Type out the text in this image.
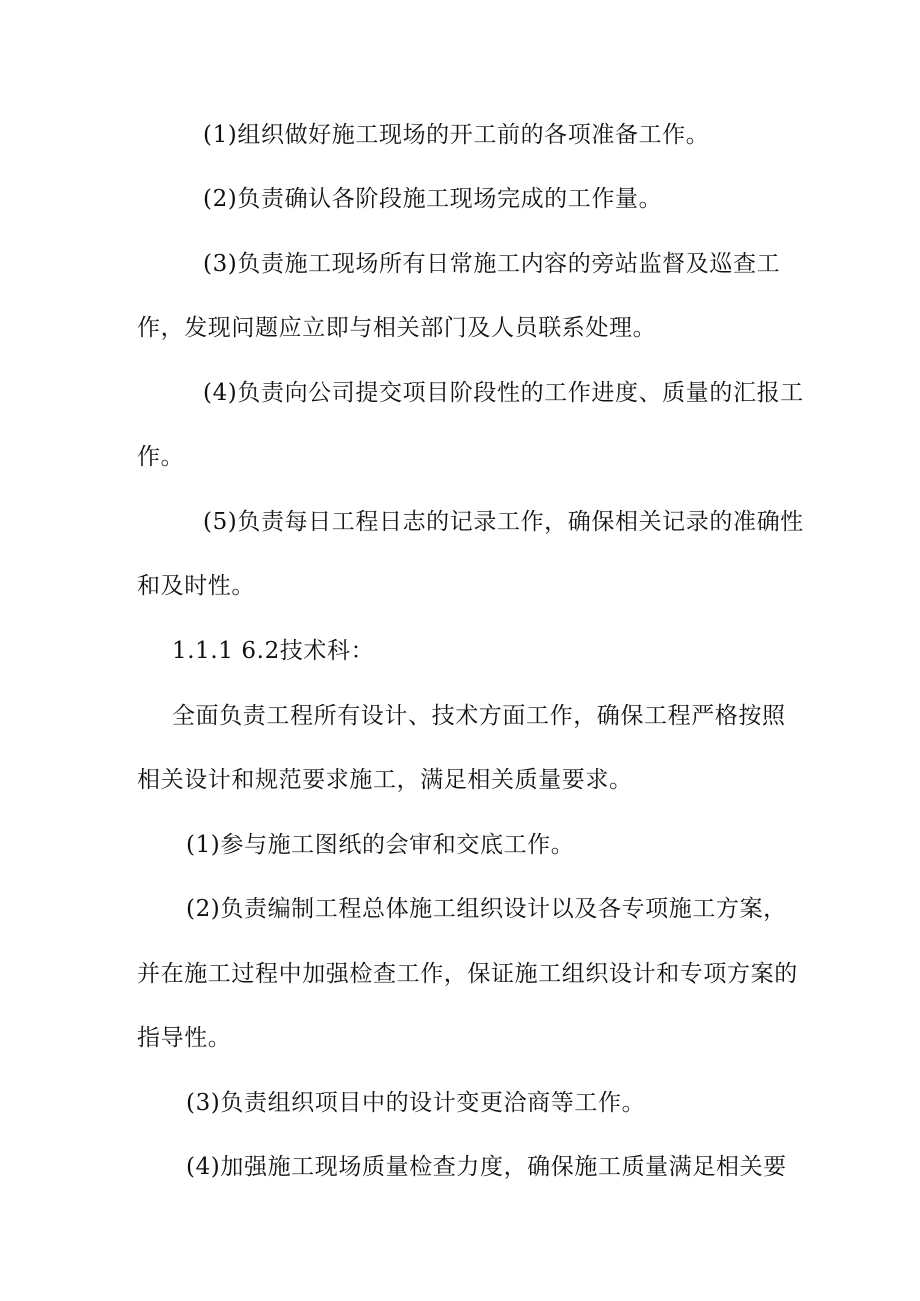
(1)组织做好施工现场的开工前的各项准备工作。
(2)负责确认各阶段施工现场完成的工作量。
(3)负责施工现场所有日常施工内容的旁站监督及巡查工
作，发现问题应立即与相关部门及人员联系处理。
(4)负责向公司提交项目阶段性的工作进度、质量的汇报工
作。
(5)负责每日工程日志的记录工作，确保相关记录的准确性
和及时性。
1.1.1 6.2技术科：
全面负责工程所有设计、技术方面工作，确保工程严格按照
相关设计和规范要求施工，满足相关质量要求。
(1)参与施工图纸的会审和交底工作。
(2)负责编制工程总体施工组织设计以及各专项施工方案，
并在施工过程中加强检查工作，保证施工组织设计和专项方案的
指导性。
(3)负责组织项目中的设计变更洽商等工作。
(4)加强施工现场质量检查力度，确保施工质量满足相关要
